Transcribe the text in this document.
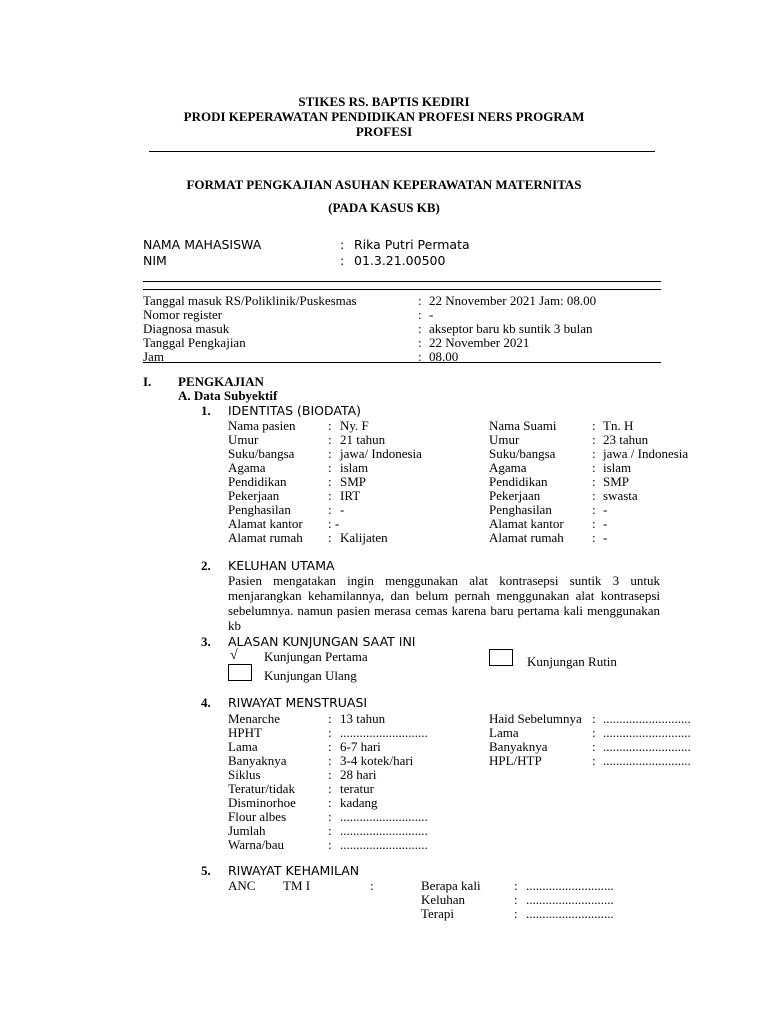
STIKES RS. BAPTIS KEDIRI
PRODI KEPERAWATAN PENDIDIKAN PROFESI NERS PROGRAM
PROFESI
FORMAT PENGKAJIAN ASUHAN KEPERAWATAN MATERNITAS
(PADA KASUS KB)
NAMA MAHASISWA	: Rika Putri Permata
NIM	: 01.3.21.00500
Tanggal masuk RS/Poliklinik/Puskesmas	: 22 Nnovember 2021 Jam: 08.00
Nomor register	: -
Diagnosa masuk	: akseptor baru kb suntik 3 bulan
Tanggal Pengkajian	: 22 November 2021
Jam	: 08.00
I. PENGKAJIAN
A. Data Subyektif
1. IDENTITAS (BIODATA)
Nama pasien : Ny. F
Umur	: 21 tahun
Suku/bangsa	: jawa/ Indonesia
Agama	: islam
Pendidikan	: SMP
Pekerjaan	: IRT
Penghasilan	: -
Alamat kantor : -
Alamat rumah : Kalijaten
Nama Suami	: Tn. H
Umur	: 23 tahun
Suku/bangsa	: jawa / Indonesia
Agama	: islam
Pendidikan	: SMP
Pekerjaan	: swasta
Penghasilan	: -
Alamat kantor : -
Alamat rumah : -
2. KELUHAN UTAMA
Pasien mengatakan ingin menggunakan alat kontrasepsi suntik 3 untuk menjarangkan kehamilannya, dan belum pernah menggunakan alat kontrasepsi sebelumnya. namun pasien merasa cemas karena baru pertama kali menggunakan kb
3. ALASAN KUNJUNGAN SAAT INI
√ Kunjungan Pertama
Kunjungan Ulang
Kunjungan Rutin
4. RIWAYAT MENSTRUASI
Menarche	: 13 tahun
HPHT	: ...........................
Lama	: 6-7 hari
Banyaknya	: 3-4 kotek/hari
Siklus	: 28 hari
Teratur/tidak	: teratur
Disminorhoe : kadang
Flour albes	: ...........................
Jumlah	: ...........................
Warna/bau	: ...........................
Haid Sebelumnya : ...........................
Lama	: ...........................
Banyaknya	: ...........................
HPL/HTP	: ...........................
5. RIWAYAT KEHAMILAN
ANC TM I	:	Berapa kali	: ...........................
Keluhan	: ...........................
Terapi	: ...........................
